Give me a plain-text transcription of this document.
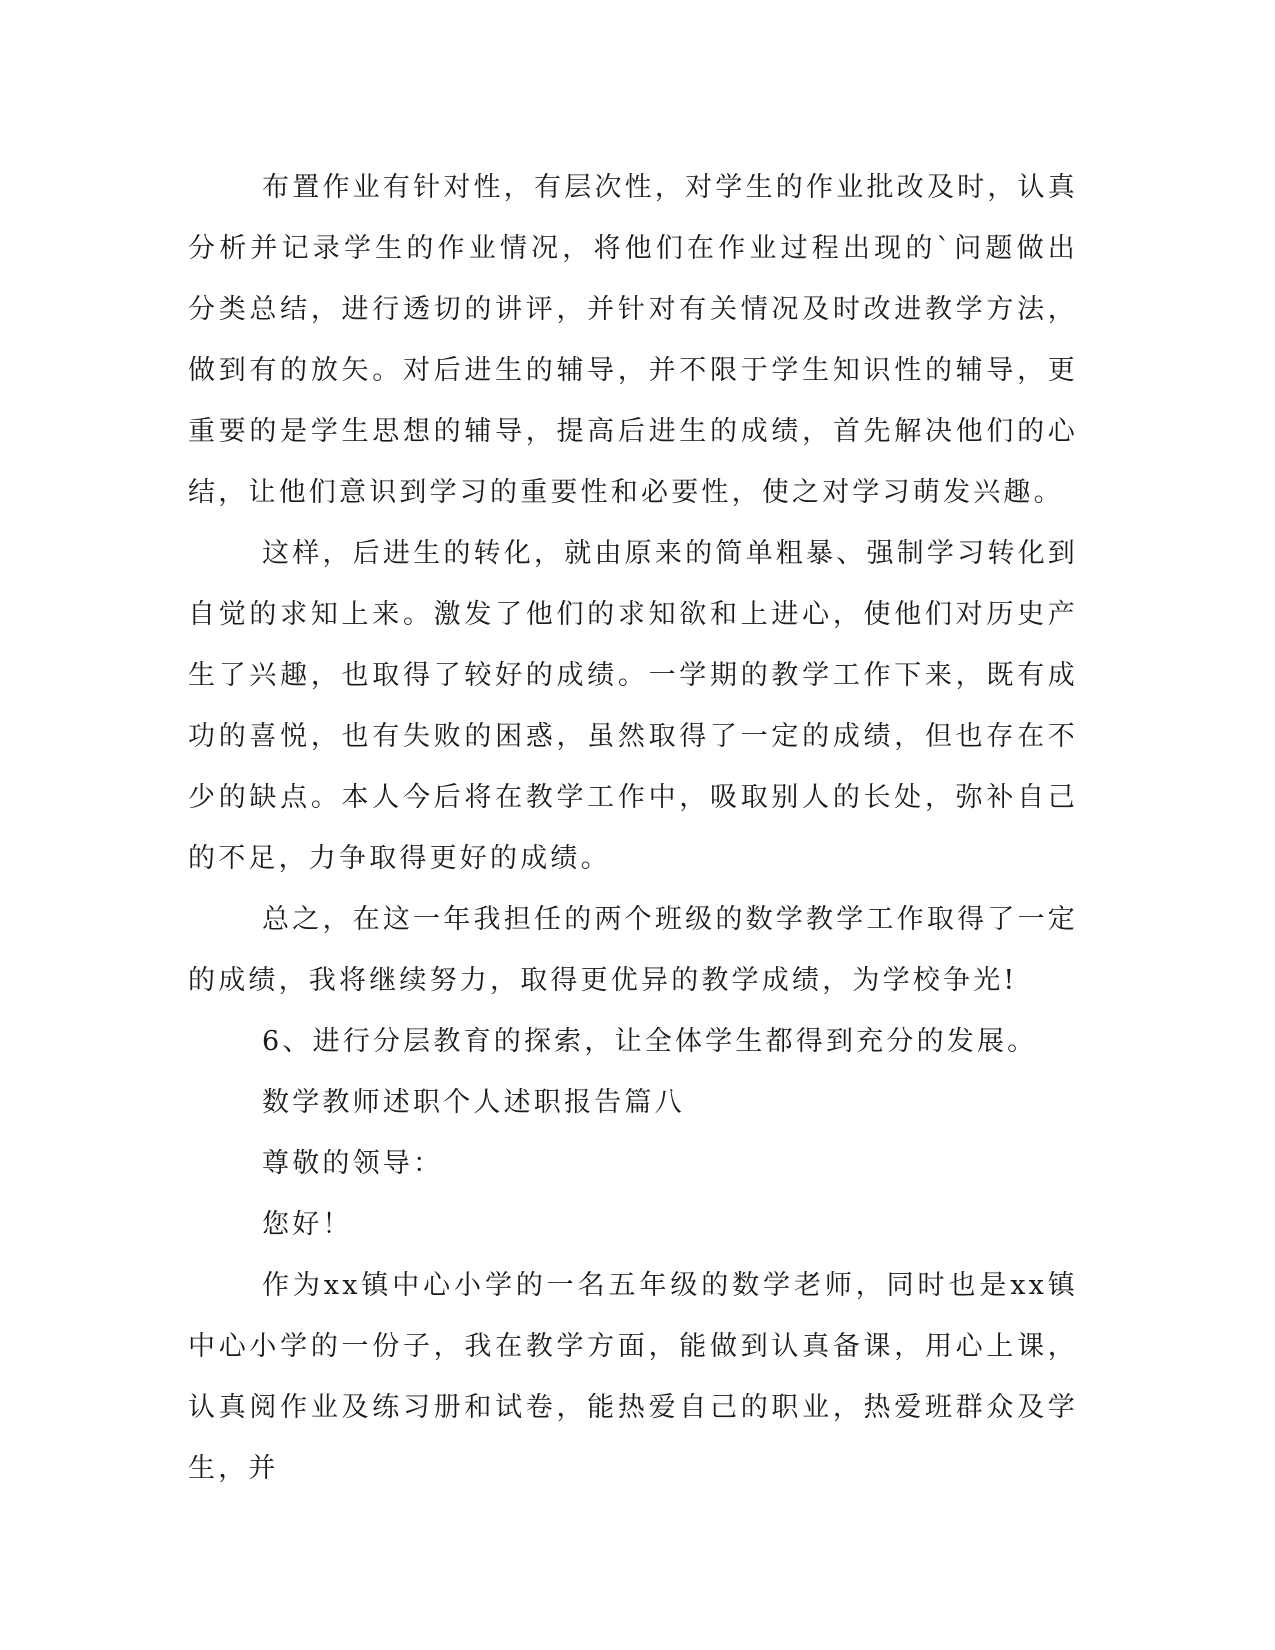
布置作业有针对性，有层次性，对学生的作业批改及时，认真分析并记录学生的作业情况，将他们在作业过程出现的`问题做出分类总结，进行透切的讲评，并针对有关情况及时改进教学方法，做到有的放矢。对后进生的辅导，并不限于学生知识性的辅导，更重要的是学生思想的辅导，提高后进生的成绩，首先解决他们的心结，让他们意识到学习的重要性和必要性，使之对学习萌发兴趣。

这样，后进生的转化，就由原来的简单粗暴、强制学习转化到自觉的求知上来。激发了他们的求知欲和上进心，使他们对历史产生了兴趣，也取得了较好的成绩。一学期的教学工作下来，既有成功的喜悦，也有失败的困惑，虽然取得了一定的成绩，但也存在不少的缺点。本人今后将在教学工作中，吸取别人的长处，弥补自己的不足，力争取得更好的成绩。

总之，在这一年我担任的两个班级的数学教学工作取得了一定的成绩，我将继续努力，取得更优异的教学成绩，为学校争光!

6、进行分层教育的探索，让全体学生都得到充分的发展。

数学教师述职个人述职报告篇八

尊敬的领导：

您好！

作为xx镇中心小学的一名五年级的数学老师，同时也是xx镇中心小学的一份子，我在教学方面，能做到认真备课，用心上课，认真阅作业及练习册和试卷，能热爱自己的职业，热爱班群众及学生，并
